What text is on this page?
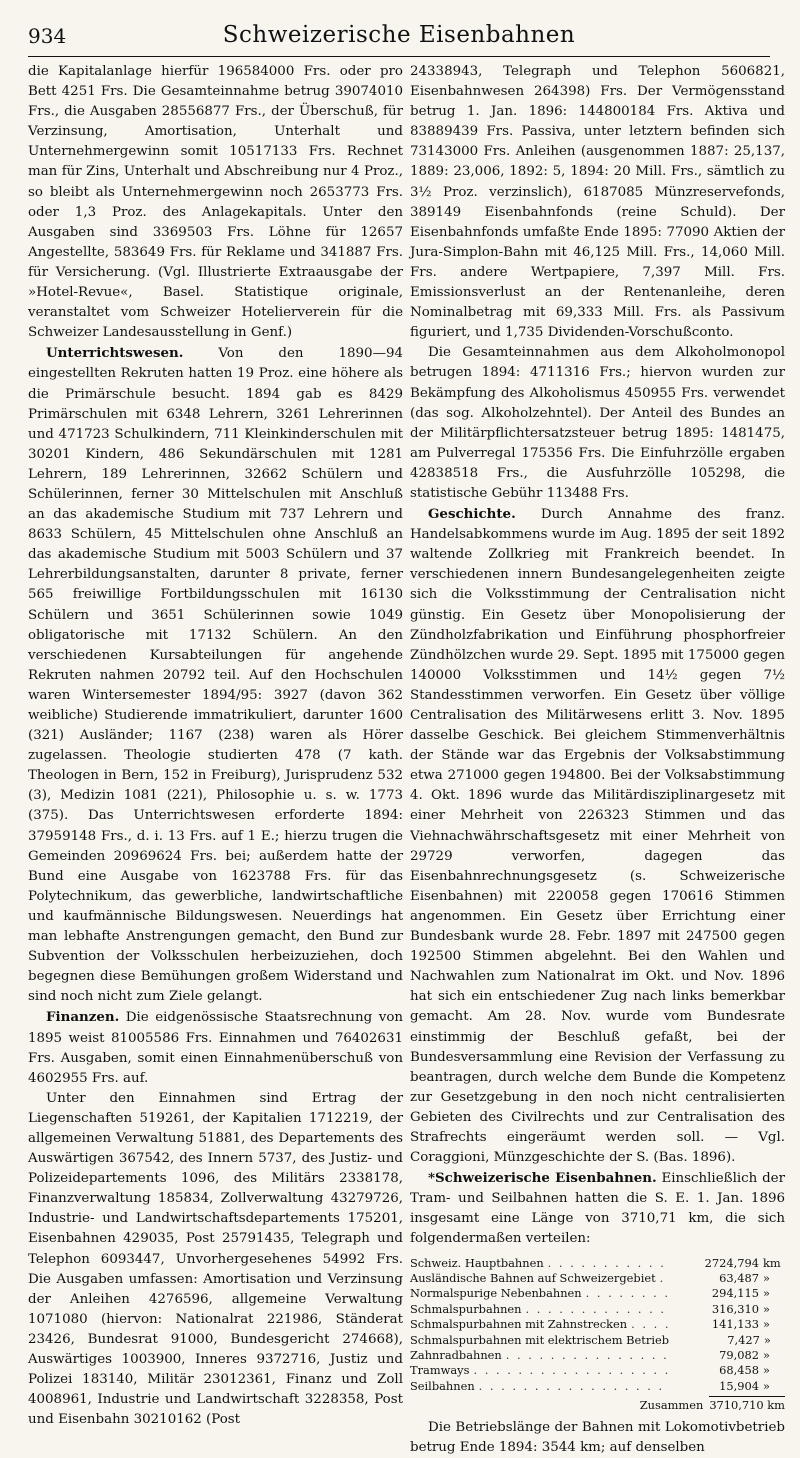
934	Schweizerische Eisenbahnen

die Kapitalanlage hierfür 196584000 Frs. oder pro Bett 4251 Frs. Die Gesamteinnahme betrug 39074010 Frs., die Ausgaben 28556877 Frs., der Überschuß, für Verzinsung, Amortisation, Unterhalt und Unternehmergewinn somit 10517133 Frs. Rechnet man für Zins, Unterhalt und Abschreibung nur 4 Proz., so bleibt als Unternehmergewinn noch 2653773 Frs. oder 1,3 Proz. des Anlagekapitals. Unter den Ausgaben sind 3369503 Frs. Löhne für 12657 Angestellte, 583649 Frs. für Reklame und 341887 Frs. für Versicherung. (Vgl. Illustrierte Extraausgabe der »Hotel-Revue«, Basel. Statistique originale, veranstaltet vom Schweizer Hotelierverein für die Schweizer Landesausstellung in Genf.)

Unterrichtswesen. Von den 1890—94 eingestellten Rekruten hatten 19 Proz. eine höhere als die Primärschule besucht. 1894 gab es 8429 Primärschulen mit 6348 Lehrern, 3261 Lehrerinnen und 471723 Schulkindern, 711 Kleinkinderschulen mit 30201 Kindern, 486 Sekundärschulen mit 1281 Lehrern, 189 Lehrerinnen, 32662 Schülern und Schülerinnen, ferner 30 Mittelschulen mit Anschluß an das akademische Studium mit 737 Lehrern und 8633 Schülern, 45 Mittelschulen ohne Anschluß an das akademische Studium mit 5003 Schülern und 37 Lehrerbildungsanstalten, darunter 8 private, ferner 565 freiwillige Fortbildungsschulen mit 16130 Schülern und 3651 Schülerinnen sowie 1049 obligatorische mit 17132 Schülern. An den verschiedenen Kursabteilungen für angehende Rekruten nahmen 20792 teil. Auf den Hochschulen waren Wintersemester 1894/95: 3927 (davon 362 weibliche) Studierende immatrikuliert, darunter 1600 (321) Ausländer; 1167 (238) waren als Hörer zugelassen. Theologie studierten 478 (7 kath. Theologen in Bern, 152 in Freiburg), Jurisprudenz 532 (3), Medizin 1081 (221), Philosophie u. s. w. 1773 (375). Das Unterrichtswesen erforderte 1894: 37959148 Frs., d. i. 13 Frs. auf 1 E.; hierzu trugen die Gemeinden 20969624 Frs. bei; außerdem hatte der Bund eine Ausgabe von 1623788 Frs. für das Polytechnikum, das gewerbliche, landwirtschaftliche und kaufmännische Bildungswesen. Neuerdings hat man lebhafte Anstrengungen gemacht, den Bund zur Subvention der Volksschulen herbeizuziehen, doch begegnen diese Bemühungen großem Widerstand und sind noch nicht zum Ziele gelangt.

Finanzen. Die eidgenössische Staatsrechnung von 1895 weist 81005586 Frs. Einnahmen und 76402631 Frs. Ausgaben, somit einen Einnahmenüberschuß von 4602955 Frs. auf.

Unter den Einnahmen sind Ertrag der Liegenschaften 519261, der Kapitalien 1712219, der allgemeinen Verwaltung 51881, des Departements des Auswärtigen 367542, des Innern 5737, des Justiz- und Polizeidepartements 1096, des Militärs 2338178, Finanzverwaltung 185834, Zollverwaltung 43279726, Industrie- und Landwirtschaftsdepartements 175201, Eisenbahnen 429035, Post 25791435, Telegraph und Telephon 6093447, Unvorhergesehenes 54992 Frs. Die Ausgaben umfassen: Amortisation und Verzinsung der Anleihen 4276596, allgemeine Verwaltung 1071080 (hiervon: Nationalrat 221986, Ständerat 23426, Bundesrat 91000, Bundesgericht 274668), Auswärtiges 1003900, Inneres 9372716, Justiz und Polizei 183140, Militär 23012361, Finanz und Zoll 4008961, Industrie und Landwirtschaft 3228358, Post und Eisenbahn 30210162 (Post

24338943, Telegraph und Telephon 5606821, Eisenbahnwesen 264398) Frs. Der Vermögensstand betrug 1. Jan. 1896: 144800184 Frs. Aktiva und 83889439 Frs. Passiva, unter letztern befinden sich 73143000 Frs. Anleihen (ausgenommen 1887: 25,137, 1889: 23,006, 1892: 5, 1894: 20 Mill. Frs., sämtlich zu 3½ Proz. verzinslich), 6187085 Münzreservefonds, 389149 Eisenbahnfonds (reine Schuld). Der Eisenbahnfonds umfaßte Ende 1895: 77090 Aktien der Jura-Simplon-Bahn mit 46,125 Mill. Frs., 14,060 Mill. Frs. andere Wertpapiere, 7,397 Mill. Frs. Emissionsverlust an der Rentenanleihe, deren Nominalbetrag mit 69,333 Mill. Frs. als Passivum figuriert, und 1,735 Dividenden-Vorschußconto.

Die Gesamteinnahmen aus dem Alkoholmonopol betrugen 1894: 4711316 Frs.; hiervon wurden zur Bekämpfung des Alkoholismus 450955 Frs. verwendet (das sog. Alkoholzehntel). Der Anteil des Bundes an der Militärpflichtersatzsteuer betrug 1895: 1481475, am Pulverregal 175356 Frs. Die Einfuhrzölle ergaben 42838518 Frs., die Ausfuhrzölle 105298, die statistische Gebühr 113488 Frs.

Geschichte. Durch Annahme des franz. Handelsabkommens wurde im Aug. 1895 der seit 1892 waltende Zollkrieg mit Frankreich beendet. In verschiedenen innern Bundesangelegenheiten zeigte sich die Volksstimmung der Centralisation nicht günstig. Ein Gesetz über Monopolisierung der Zündholzfabrikation und Einführung phosphorfreier Zündhölzchen wurde 29. Sept. 1895 mit 175000 gegen 140000 Volksstimmen und 14½ gegen 7½ Standesstimmen verworfen. Ein Gesetz über völlige Centralisation des Militärwesens erlitt 3. Nov. 1895 dasselbe Geschick. Bei gleichem Stimmenverhältnis der Stände war das Ergebnis der Volksabstimmung etwa 271000 gegen 194800. Bei der Volksabstimmung 4. Okt. 1896 wurde das Militärdisziplinargesetz mit einer Mehrheit von 226323 Stimmen und das Viehnachwährschaftsgesetz mit einer Mehrheit von 29729 verworfen, dagegen das Eisenbahnrechnungsgesetz (s. Schweizerische Eisenbahnen) mit 220058 gegen 170616 Stimmen angenommen. Ein Gesetz über Errichtung einer Bundesbank wurde 28. Febr. 1897 mit 247500 gegen 192500 Stimmen abgelehnt. Bei den Wahlen und Nachwahlen zum Nationalrat im Okt. und Nov. 1896 hat sich ein entschiedener Zug nach links bemerkbar gemacht. Am 28. Nov. wurde vom Bundesrate einstimmig der Beschluß gefaßt, bei der Bundesversammlung eine Revision der Verfassung zu beantragen, durch welche dem Bunde die Kompetenz zur Gesetzgebung in den noch nicht centralisierten Gebieten des Civilrechts und zur Centralisation des Strafrechts eingeräumt werden soll. — Vgl. Coraggioni, Münzgeschichte der S. (Bas. 1896).

*Schweizerische Eisenbahnen. Einschließlich der Tram- und Seilbahnen hatten die S. E. 1. Jan. 1896 insgesamt eine Länge von 3710,71 km, die sich folgendermaßen verteilen:

Schweiz. Hauptbahnen . . .	2724,794 km
Ausländische Bahnen auf Schweizergebiet . . .	63,487 »
Normalspurige Nebenbahnen . . .	294,115 »
Schmalspurbahnen . . .	316,310 »
Schmalspurbahnen mit Zahnstrecken . . .	141,133 »
Schmalspurbahnen mit elektrischem Betrieb	7,427 »
Zahnradbahnen . . .	79,082 »
Tramways . . .	68,458 »
Seilbahnen . . .	15,904 »
Zusammen 3710,710 km

Die Betriebslänge der Bahnen mit Lokomotivbetrieb betrug Ende 1894: 3544 km; auf denselben
